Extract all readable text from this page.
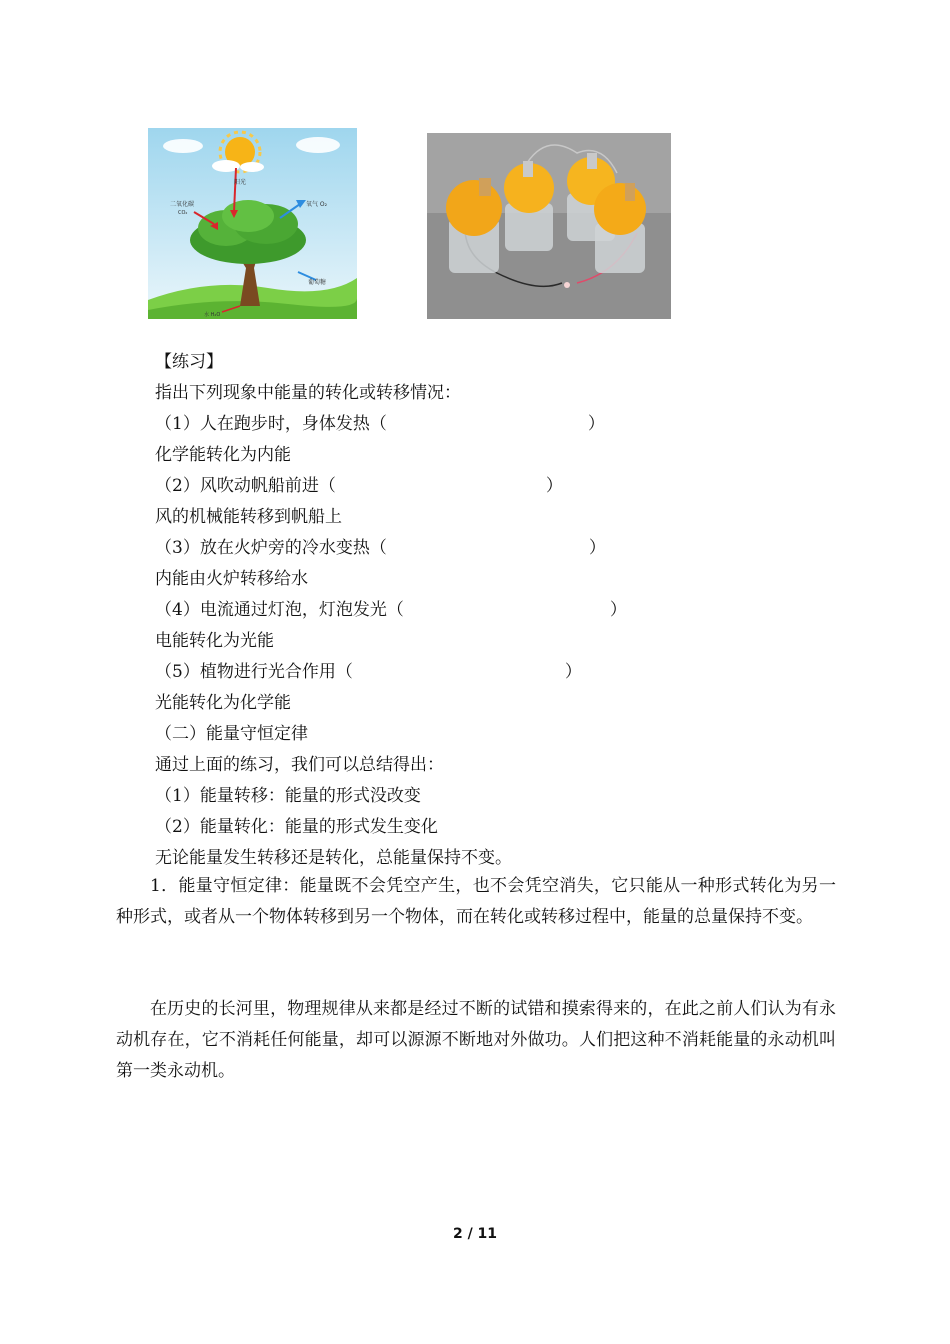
阳光
二氧化碳
CO₂
氧气 O₂
葡萄糖
水 H₂O
【练习】
指出下列现象中能量的转化或转移情况：
（1）人在跑步时，身体发热（	）
化学能转化为内能
（2）风吹动帆船前进（	）
风的机械能转移到帆船上
（3）放在火炉旁的冷水变热（	）
内能由火炉转移给水
（4）电流通过灯泡，灯泡发光（	）
电能转化为光能
（5）植物进行光合作用（	）
光能转化为化学能
（二）能量守恒定律
通过上面的练习，我们可以总结得出：
（1）能量转移：能量的形式没改变
（2）能量转化：能量的形式发生变化
无论能量发生转移还是转化，总能量保持不变。
1．能量守恒定律：能量既不会凭空产生，也不会凭空消失，它只能从一种形式转化为另一种形式，或者从一个物体转移到另一个物体，而在转化或转移过程中，能量的总量保持不变。
在历史的长河里，物理规律从来都是经过不断的试错和摸索得来的，在此之前人们认为有永动机存在，它不消耗任何能量，却可以源源不断地对外做功。人们把这种不消耗能量的永动机叫第一类永动机。
2 / 11
